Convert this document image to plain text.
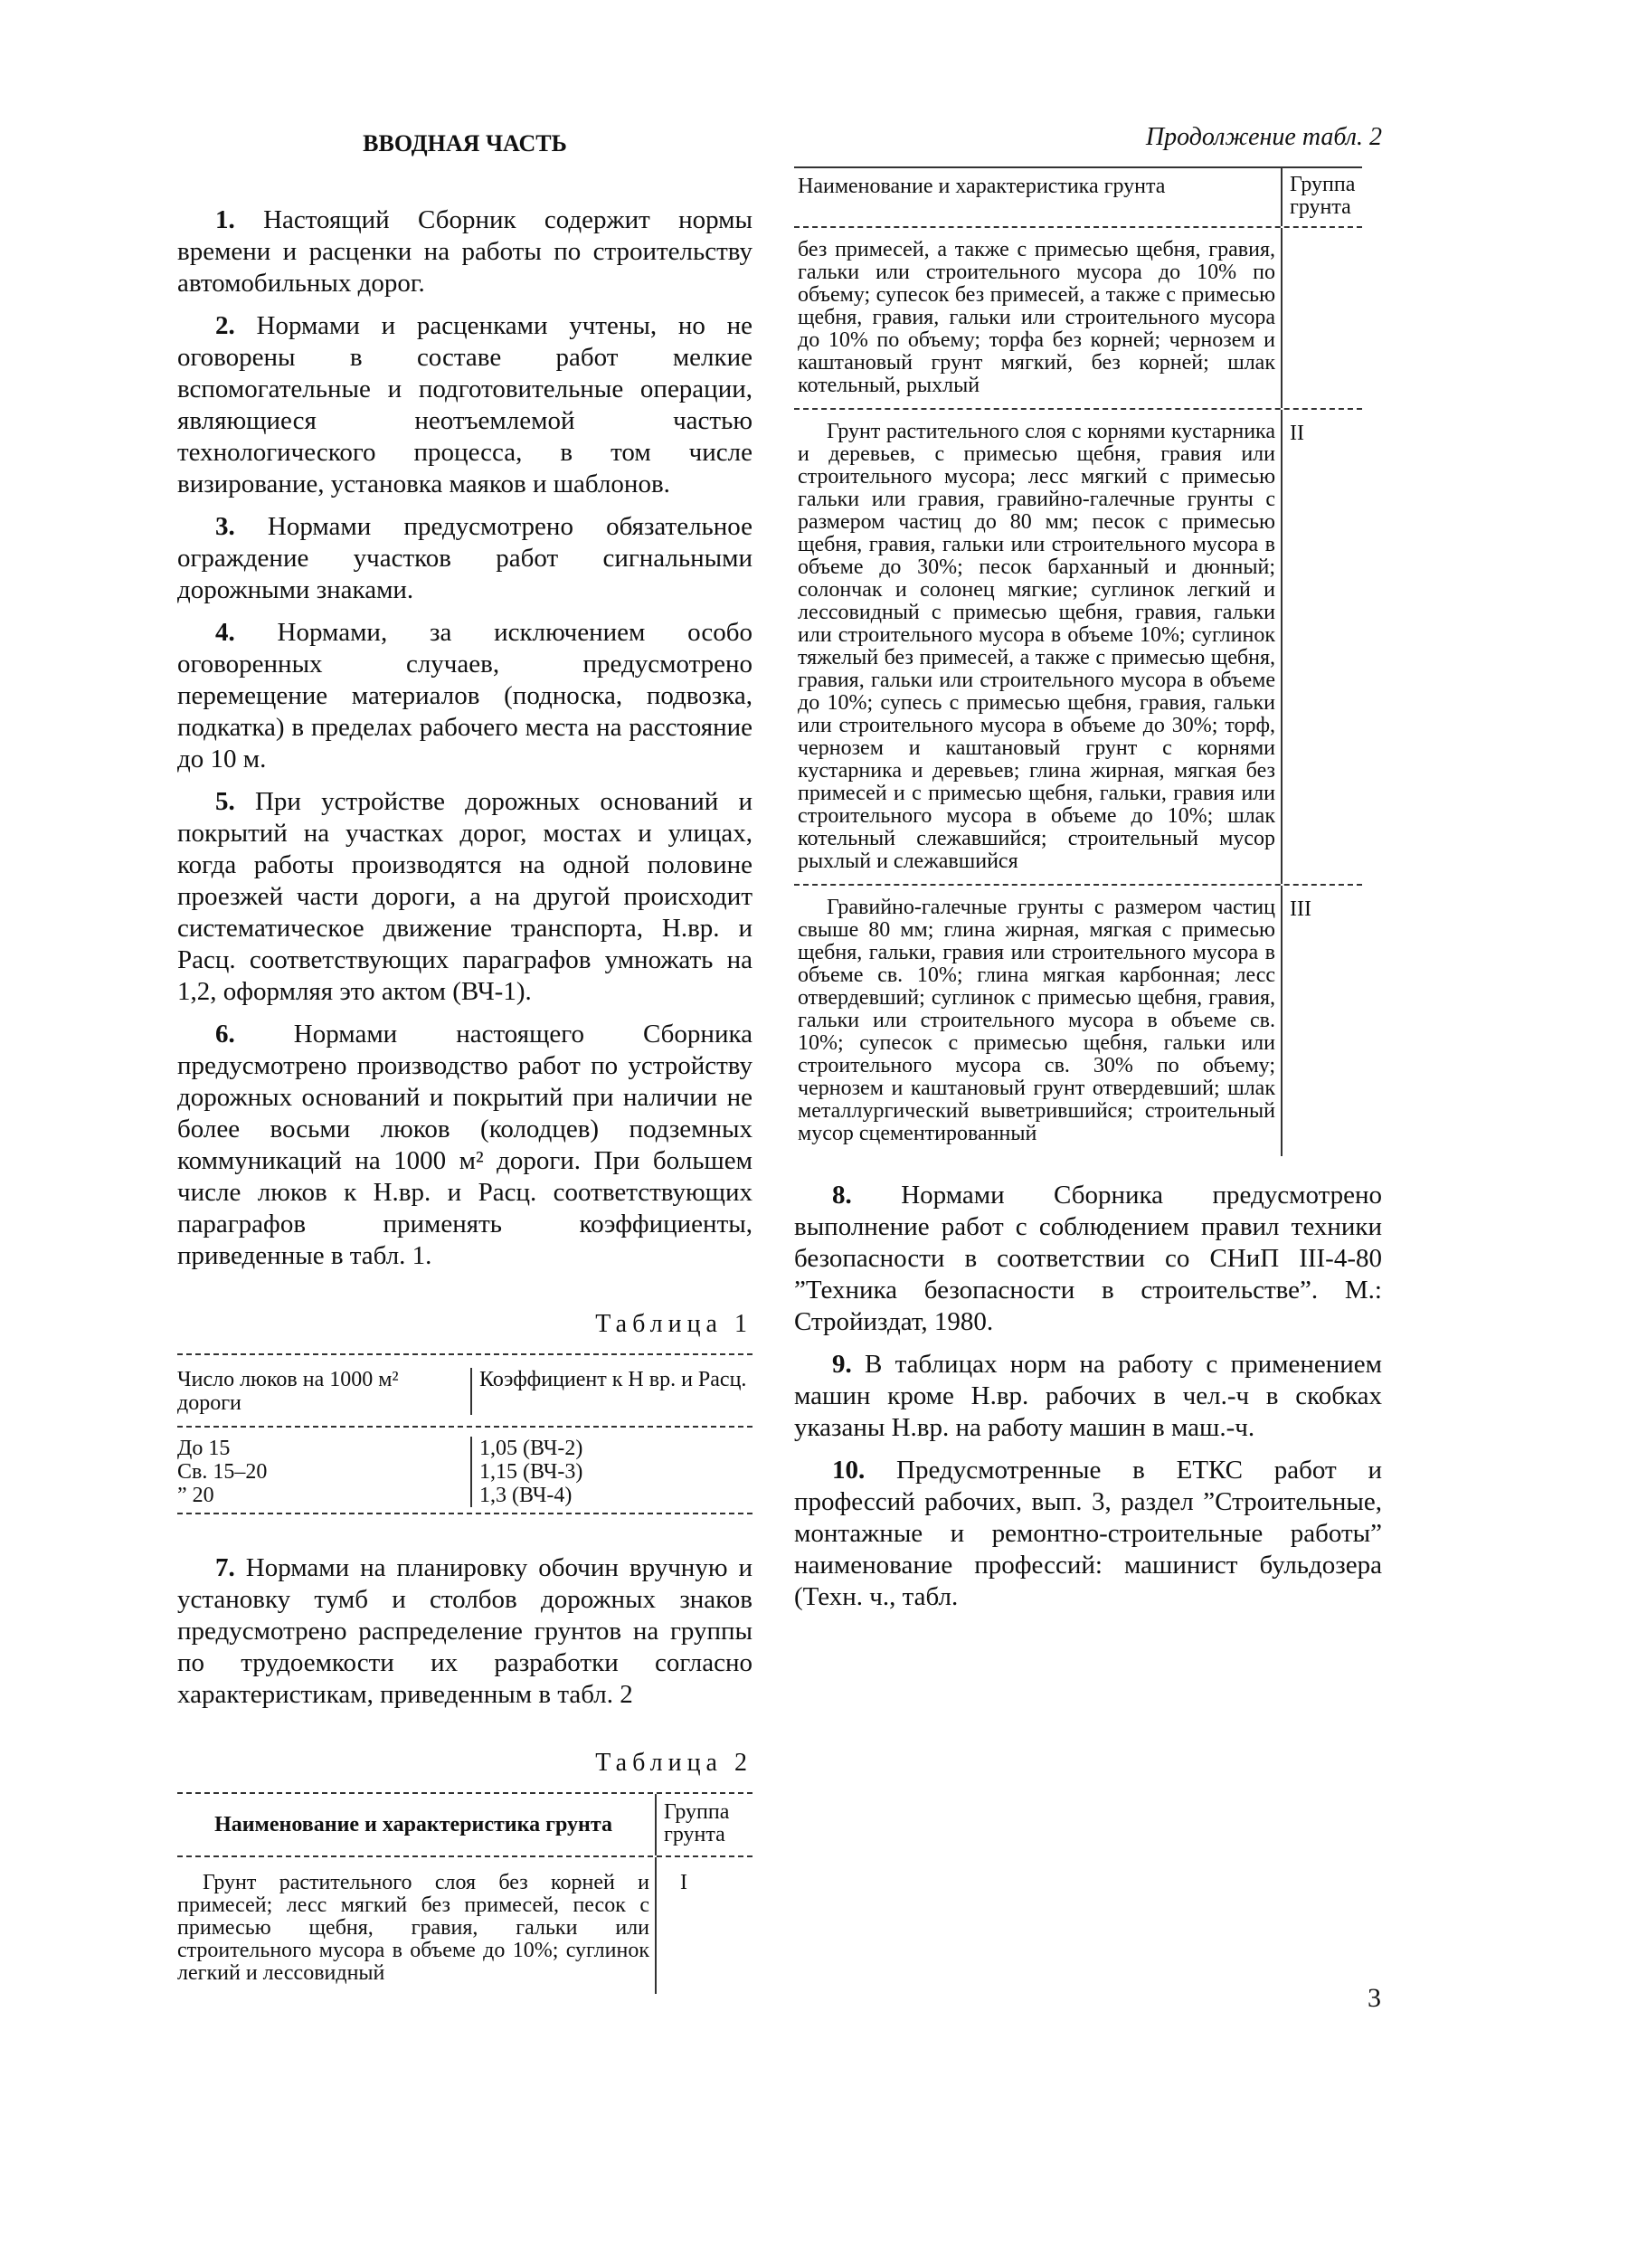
ВВОДНАЯ ЧАСТЬ

1. Настоящий Сборник содержит нормы времени и расценки на работы по строительству автомобильных дорог.

2. Нормами и расценками учтены, но не оговорены в составе работ мелкие вспомогательные и подготовительные операции, являющиеся неотъемлемой частью технологического процесса, в том числе визирование, установка маяков и шаблонов.

3. Нормами предусмотрено обязательное ограждение участков работ сигнальными дорожными знаками.

4. Нормами, за исключением особо оговоренных случаев, предусмотрено перемещение материалов (подноска, подвозка, подкатка) в пределах рабочего места на расстояние до 10 м.

5. При устройстве дорожных оснований и покрытий на участках дорог, мостах и улицах, когда работы производятся на одной половине проезжей части дороги, а на другой происходит систематическое движение транспорта, Н.вр. и Расц. соответствующих параграфов умножать на 1,2, оформляя это актом (ВЧ-1).

6. Нормами настоящего Сборника предусмотрено производство работ по устройству дорожных оснований и покрытий при наличии не более восьми люков (колодцев) подземных коммуникаций на 1000 м² дороги. При большем числе люков к Н.вр. и Расц. соответствующих параграфов применять коэффициенты, приведенные в табл. 1.

Таблица 1
Число люков на 1000 м² дороги
Коэффициент к Н вр. и Расц.
До 15
Св. 15–20
” 20
1,05 (ВЧ-2)
1,15 (ВЧ-3)
1,3 (ВЧ-4)

7. Нормами на планировку обочин вручную и установку тумб и столбов дорожных знаков предусмотрено распределение грунтов на группы по трудоемкости их разработки согласно характеристикам, приведенным в табл. 2

Таблица 2
Наименование и характеристика грунта
Группа грунта
Грунт растительного слоя без корней и примесей; лесс мягкий без примесей, песок с примесью щебня, гравия, гальки или строительного мусора в объеме до 10%; суглинок легкий и лессовидный
I
Продолжение табл. 2
Наименование и характеристика грунта	Группа грунта
без примесей, а также с примесью щебня, гравия, гальки или строительного мусора до 10% по объему; супесок без примесей, а также с примесью щебня, гравия, гальки или строительного мусора до 10% по объему; торфа без корней; чернозем и каштановый грунт мягкий, без корней; шлак котельный, рыхлый
Грунт растительного слоя с корнями кустарника и деревьев, с примесью щебня, гравия или строительного мусора; лесс мягкий с примесью гальки или гравия, гравийно-галечные грунты с размером частиц до 80 мм; песок с примесью щебня, гравия, гальки или строительного мусора в объеме до 30%; песок барханный и дюнный; солончак и солонец мягкие; суглинок легкий и лессовидный с примесью щебня, гравия, гальки или строительного мусора в объеме 10%; суглинок тяжелый без примесей, а также с примесью щебня, гравия, гальки или строительного мусора в объеме до 10%; супесь с примесью щебня, гравия, гальки или строительного мусора в объеме до 30%; торф, чернозем и каштановый грунт с корнями кустарника и деревьев; глина жирная, мягкая без примесей и с примесью щебня, гальки, гравия или строительного мусора в объеме до 10%; шлак котельный слежавшийся; строительный мусор рыхлый и слежавшийся
II
Гравийно-галечные грунты с размером частиц свыше 80 мм; глина жирная, мягкая с примесью щебня, гальки, гравия или строительного мусора в объеме св. 10%; глина мягкая карбонная; лесс отвердевший; суглинок с примесью щебня, гравия, гальки или строительного мусора в объеме св. 10%; супесок с примесью щебня, гальки или строительного мусора св. 30% по объему; чернозем и каштановый грунт отвердевший; шлак металлургический выветрившийся; строительный мусор сцементированный
III

8. Нормами Сборника предусмотрено выполнение работ с соблюдением правил техники безопасности в соответствии со СНиП III-4-80 ”Техника безопасности в строительстве”. М.: Стройиздат, 1980.

9. В таблицах норм на работу с применением машин кроме Н.вр. рабочих в чел.-ч в скобках указаны Н.вр. на работу машин в маш.-ч.

10. Предусмотренные в ЕТКС работ и профессий рабочих, вып. 3, раздел ”Строительные, монтажные и ремонтно-строительные работы” наименование профессий: машинист бульдозера (Техн. ч., табл.

3
